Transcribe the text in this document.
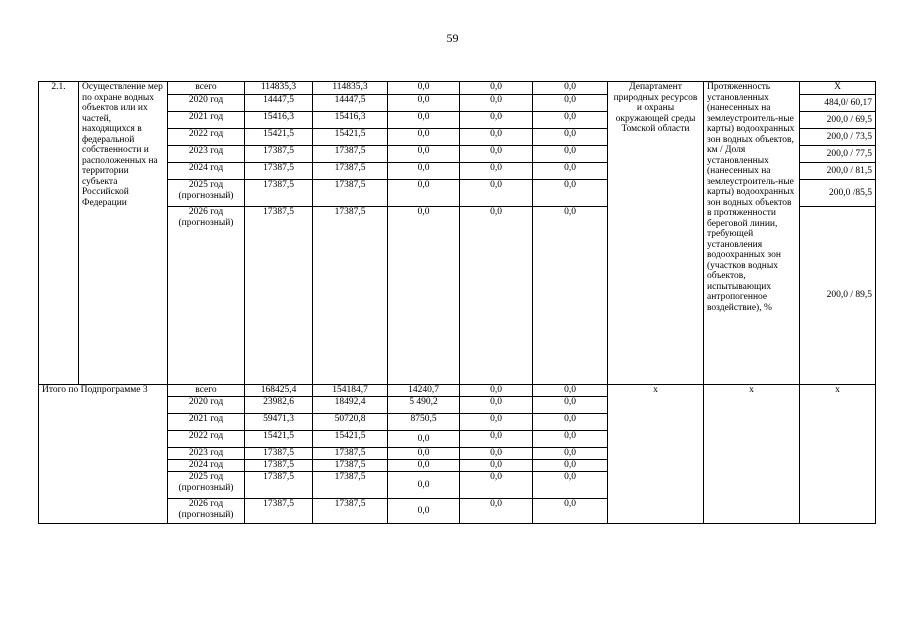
59
2.1.	Осуществление мер по охране водных объектов или их частей, находящихся в федеральной собственности и расположенных на территории субъекта Российской Федерации	всего	114835,3	114835,3	0,0	0,0	0,0	Департамент природных ресурсов и охраны окружающей среды Томской области	Протяженность установленных (нанесенных на землеустроитель-ные карты) водоохранных зон водных объектов, км / Доля установленных (нанесенных на землеустроитель-ные карты) водоохранных зон водных объектов в протяженности береговой линии, требующей установления водоохранных зон (участков водных объектов, испытывающих антропогенное воздействие), %	Х
		2020 год	14447,5	14447,5	0,0	0,0	0,0			484,0/ 60,17
		2021 год	15416,3	15416,3	0,0	0,0	0,0			200,0 / 69,5
		2022 год	15421,5	15421,5	0,0	0,0	0,0			200,0 / 73,5
		2023 год	17387,5	17387,5	0,0	0,0	0,0			200,0 / 77,5
		2024 год	17387,5	17387,5	0,0	0,0	0,0			200,0 / 81,5
		2025 год (прогнозный)	17387,5	17387,5	0,0	0,0	0,0			200,0 /85,5
		2026 год (прогнозный)	17387,5	17387,5	0,0	0,0	0,0			200,0 / 89,5
Итого по Подпрограмме 3		всего	168425,4	154184,7	14240,7	0,0	0,0	х	х	х
		2020 год	23982,6	18492,4	5 490,2	0,0	0,0			
		2021 год	59471,3	50720,8	8750,5	0,0	0,0			
		2022 год	15421,5	15421,5	0,0	0,0	0,0			
		2023 год	17387,5	17387,5	0,0	0,0	0,0			
		2024 год	17387,5	17387,5	0,0	0,0	0,0			
		2025 год (прогнозный)	17387,5	17387,5	0,0	0,0	0,0			
		2026 год (прогнозный)	17387,5	17387,5	0,0	0,0	0,0			
